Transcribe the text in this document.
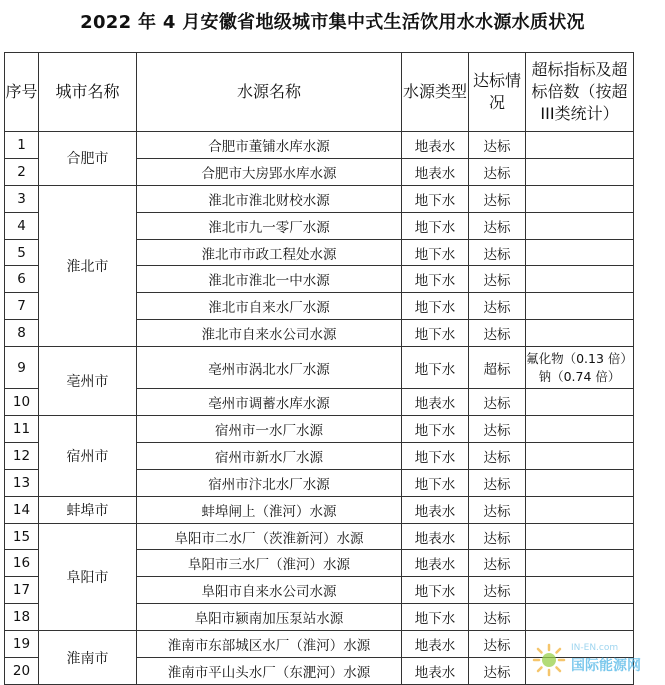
2022 年 4 月安徽省地级城市集中式生活饮用水水源水质状况
序号	城市名称	水源名称	水源类型	达标情况	超标指标及超标倍数（按超III类统计）
1	合肥市	合肥市董铺水库水源	地表水	达标	
2		合肥市大房郢水库水源	地表水	达标	
3	淮北市	淮北市淮北财校水源	地下水	达标	
4		淮北市九一零厂水源	地下水	达标	
5		淮北市市政工程处水源	地下水	达标	
6		淮北市淮北一中水源	地下水	达标	
7		淮北市自来水厂水源	地下水	达标	
8		淮北市自来水公司水源	地下水	达标	
9	亳州市	亳州市涡北水厂水源	地下水	超标	氟化物（0.13 倍）钠（0.74 倍）
10		亳州市调蓄水库水源	地表水	达标	
11	宿州市	宿州市一水厂水源	地下水	达标	
12		宿州市新水厂水源	地下水	达标	
13		宿州市汴北水厂水源	地下水	达标	
14	蚌埠市	蚌埠闸上（淮河）水源	地表水	达标	
15	阜阳市	阜阳市二水厂（茨淮新河）水源	地表水	达标	
16		阜阳市三水厂（淮河）水源	地表水	达标	
17		阜阳市自来水公司水源	地下水	达标	
18		阜阳市颍南加压泵站水源	地下水	达标	
19	淮南市	淮南市东部城区水厂（淮河）水源	地表水	达标	
20		淮南市平山头水厂（东淝河）水源	地表水	达标	
IN-EN.com
国际能源网
